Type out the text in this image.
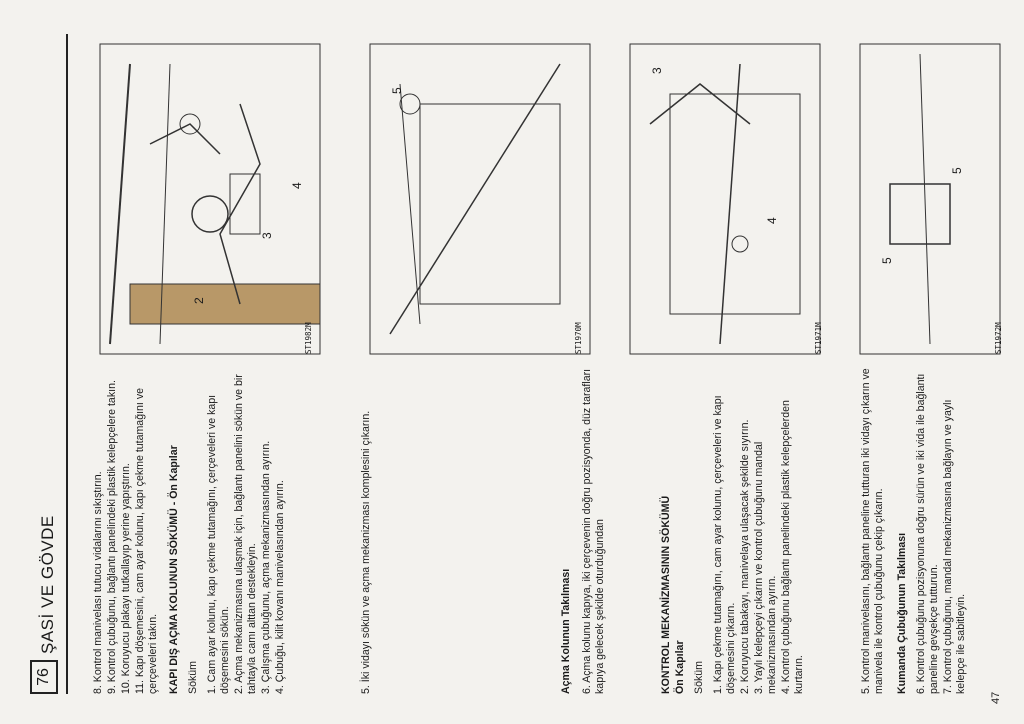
76
ŞASİ VE GÖVDE	8. Kontrol manivelası tutucu vidalarını sıkıştırın. 9. Kontrol çubuğunu, bağlantı panelindeki plastik kelepçelere takın. 10. Koruyucu plakayı tutkallayıp yerine yapıştırın. 11. Kapı döşemesini, cam ayar kolunu, kapı çekme tutamağını ve çerçeveleri takın. KAPI DIŞ AÇMA KOLUNUN SÖKÜMÜ - Ön Kapılar Söküm 1. Cam ayar kolunu, kapı çekme tutamağını, çerçeveleri ve kapı döşemesini sökün. 2. Açma mekanizmasına ulaşmak için, bağlantı panelini sökün ve bir tahtayla camı alttan destekleyin. 3. Çalışma çubuğunu, açma mekanizmasından ayırın. 4. Çubuğu, kilit kovanı manivelasından ayırın.

2
3
4
ST1982M

5. İki vidayı sökün ve açma mekanizması komplesini çıkarın.	Açma Kolunun Takılması 6. Açma kolunu kapıya, iki çerçevenin doğru pozisyonda, düz tarafları kapıya gelecek şekilde oturduğundan

5
ST1970M

KONTROL MEKANİZMASININ SÖKÜMÜ Ön Kapılar Söküm 1. Kapı çekme tutamağını, cam ayar kolunu, çerçeveleri ve kapı döşemesini çıkarın. 2. Koruyucu tabakayı, manivelaya ulaşacak şekilde sıyırın. 3. Yaylı kelepçeyi çıkarın ve kontrol çubuğunu mandal mekanizmasından ayırın. 4. Kontrol çubuğunu bağlantı panelindeki plastik kelepçelerden kurtarın.

3
4
ST1971M

5. Kontrol manivelasını, bağlantı paneline tutturan iki vidayı çıkarın ve manivela ile kontrol çubuğunu çekip çıkarın. Kumanda Çubuğunun Takılması 6. Kontrol çubuğunu pozisyonuna doğru sürün ve iki vida ile bağlantı paneline gevşekçe tutturun. 7. Kontrol çubuğunu, mandal mekanizmasına bağlayın ve yaylı kelepçe ile sabitleyin.

5
5
ST1972M
47
